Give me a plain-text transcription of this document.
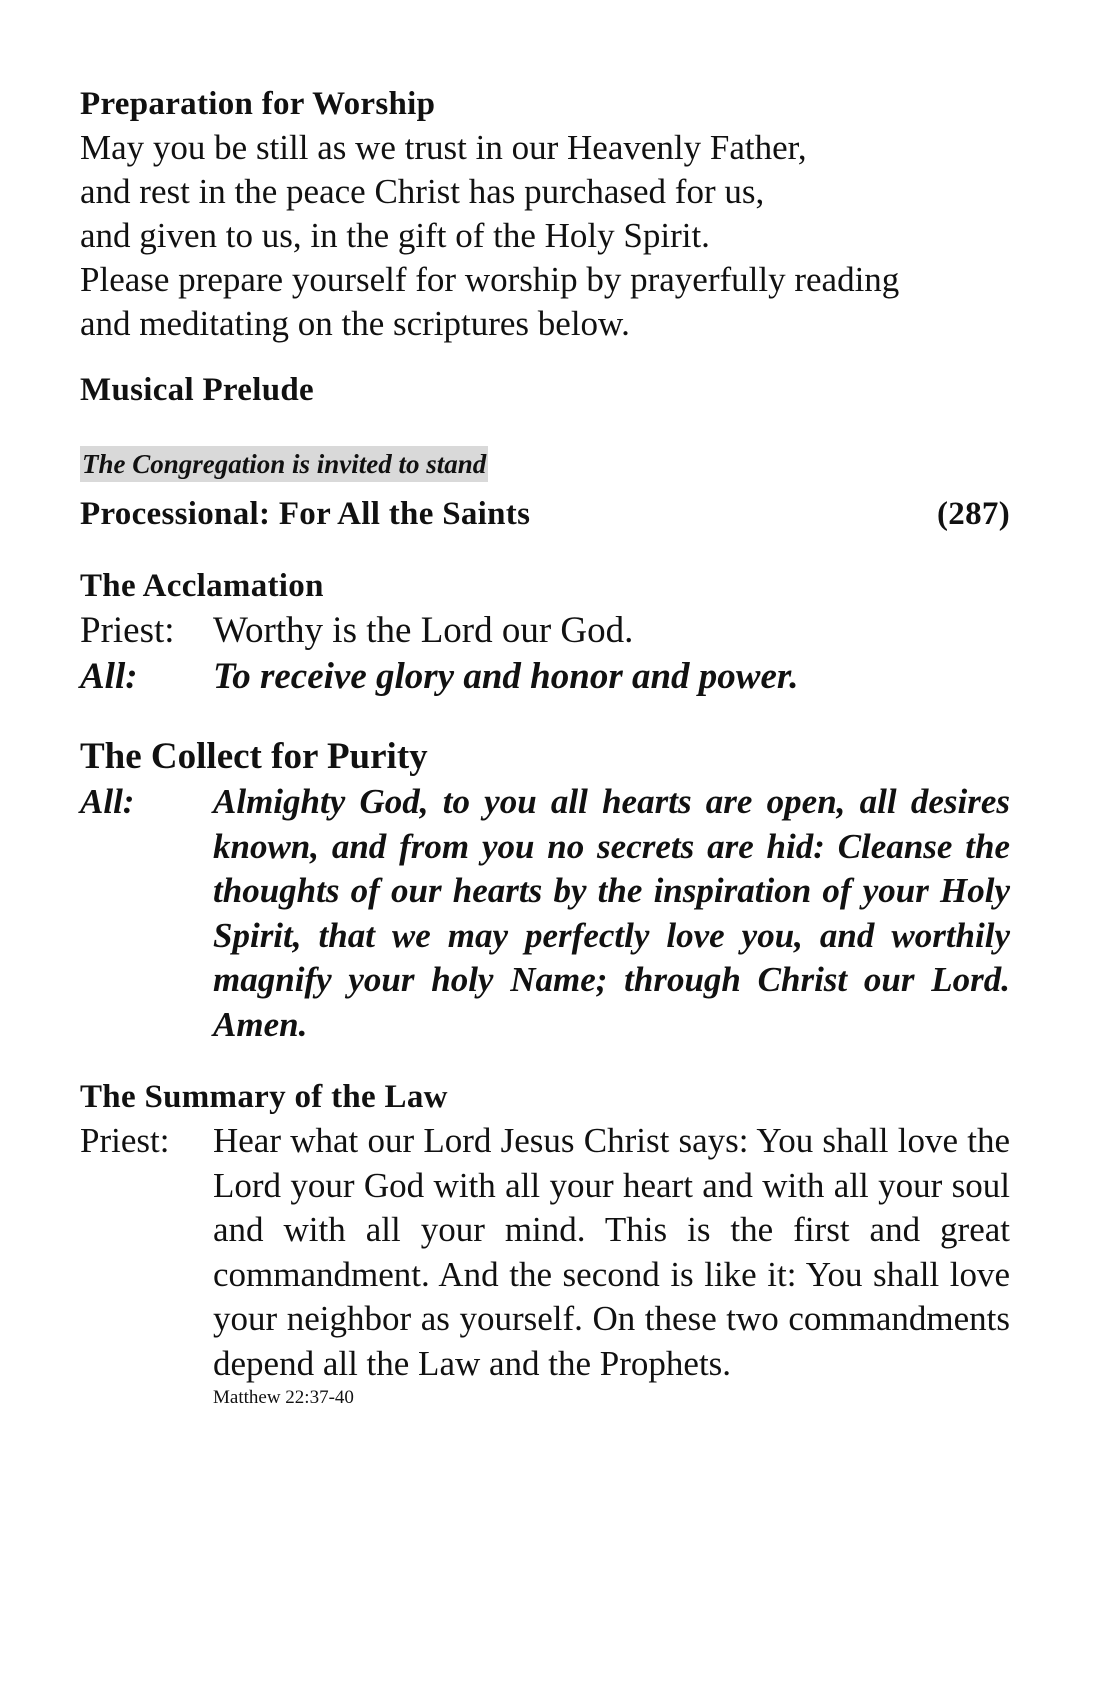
Preparation for Worship
May you be still as we trust in our Heavenly Father,
and rest in the peace Christ has purchased for us,
and given to us, in the gift of the Holy Spirit.
Please prepare yourself for worship by prayerfully reading
and meditating on the scriptures below.
Musical Prelude
The Congregation is invited to stand
Processional: For All the Saints	(287)
The Acclamation
Priest:	Worthy is the Lord our God.
All:	To receive glory and honor and power.
The Collect for Purity
All:	Almighty God, to you all hearts are open, all desires known, and from you no secrets are hid: Cleanse the thoughts of our hearts by the inspiration of your Holy Spirit, that we may perfectly love you, and worthily magnify your holy Name; through Christ our Lord. Amen.
The Summary of the Law
Priest:	Hear what our Lord Jesus Christ says: You shall love the Lord your God with all your heart and with all your soul and with all your mind. This is the first and great commandment. And the second is like it: You shall love your neighbor as yourself. On these two commandments depend all the Law and the Prophets.
Matthew 22:37-40
